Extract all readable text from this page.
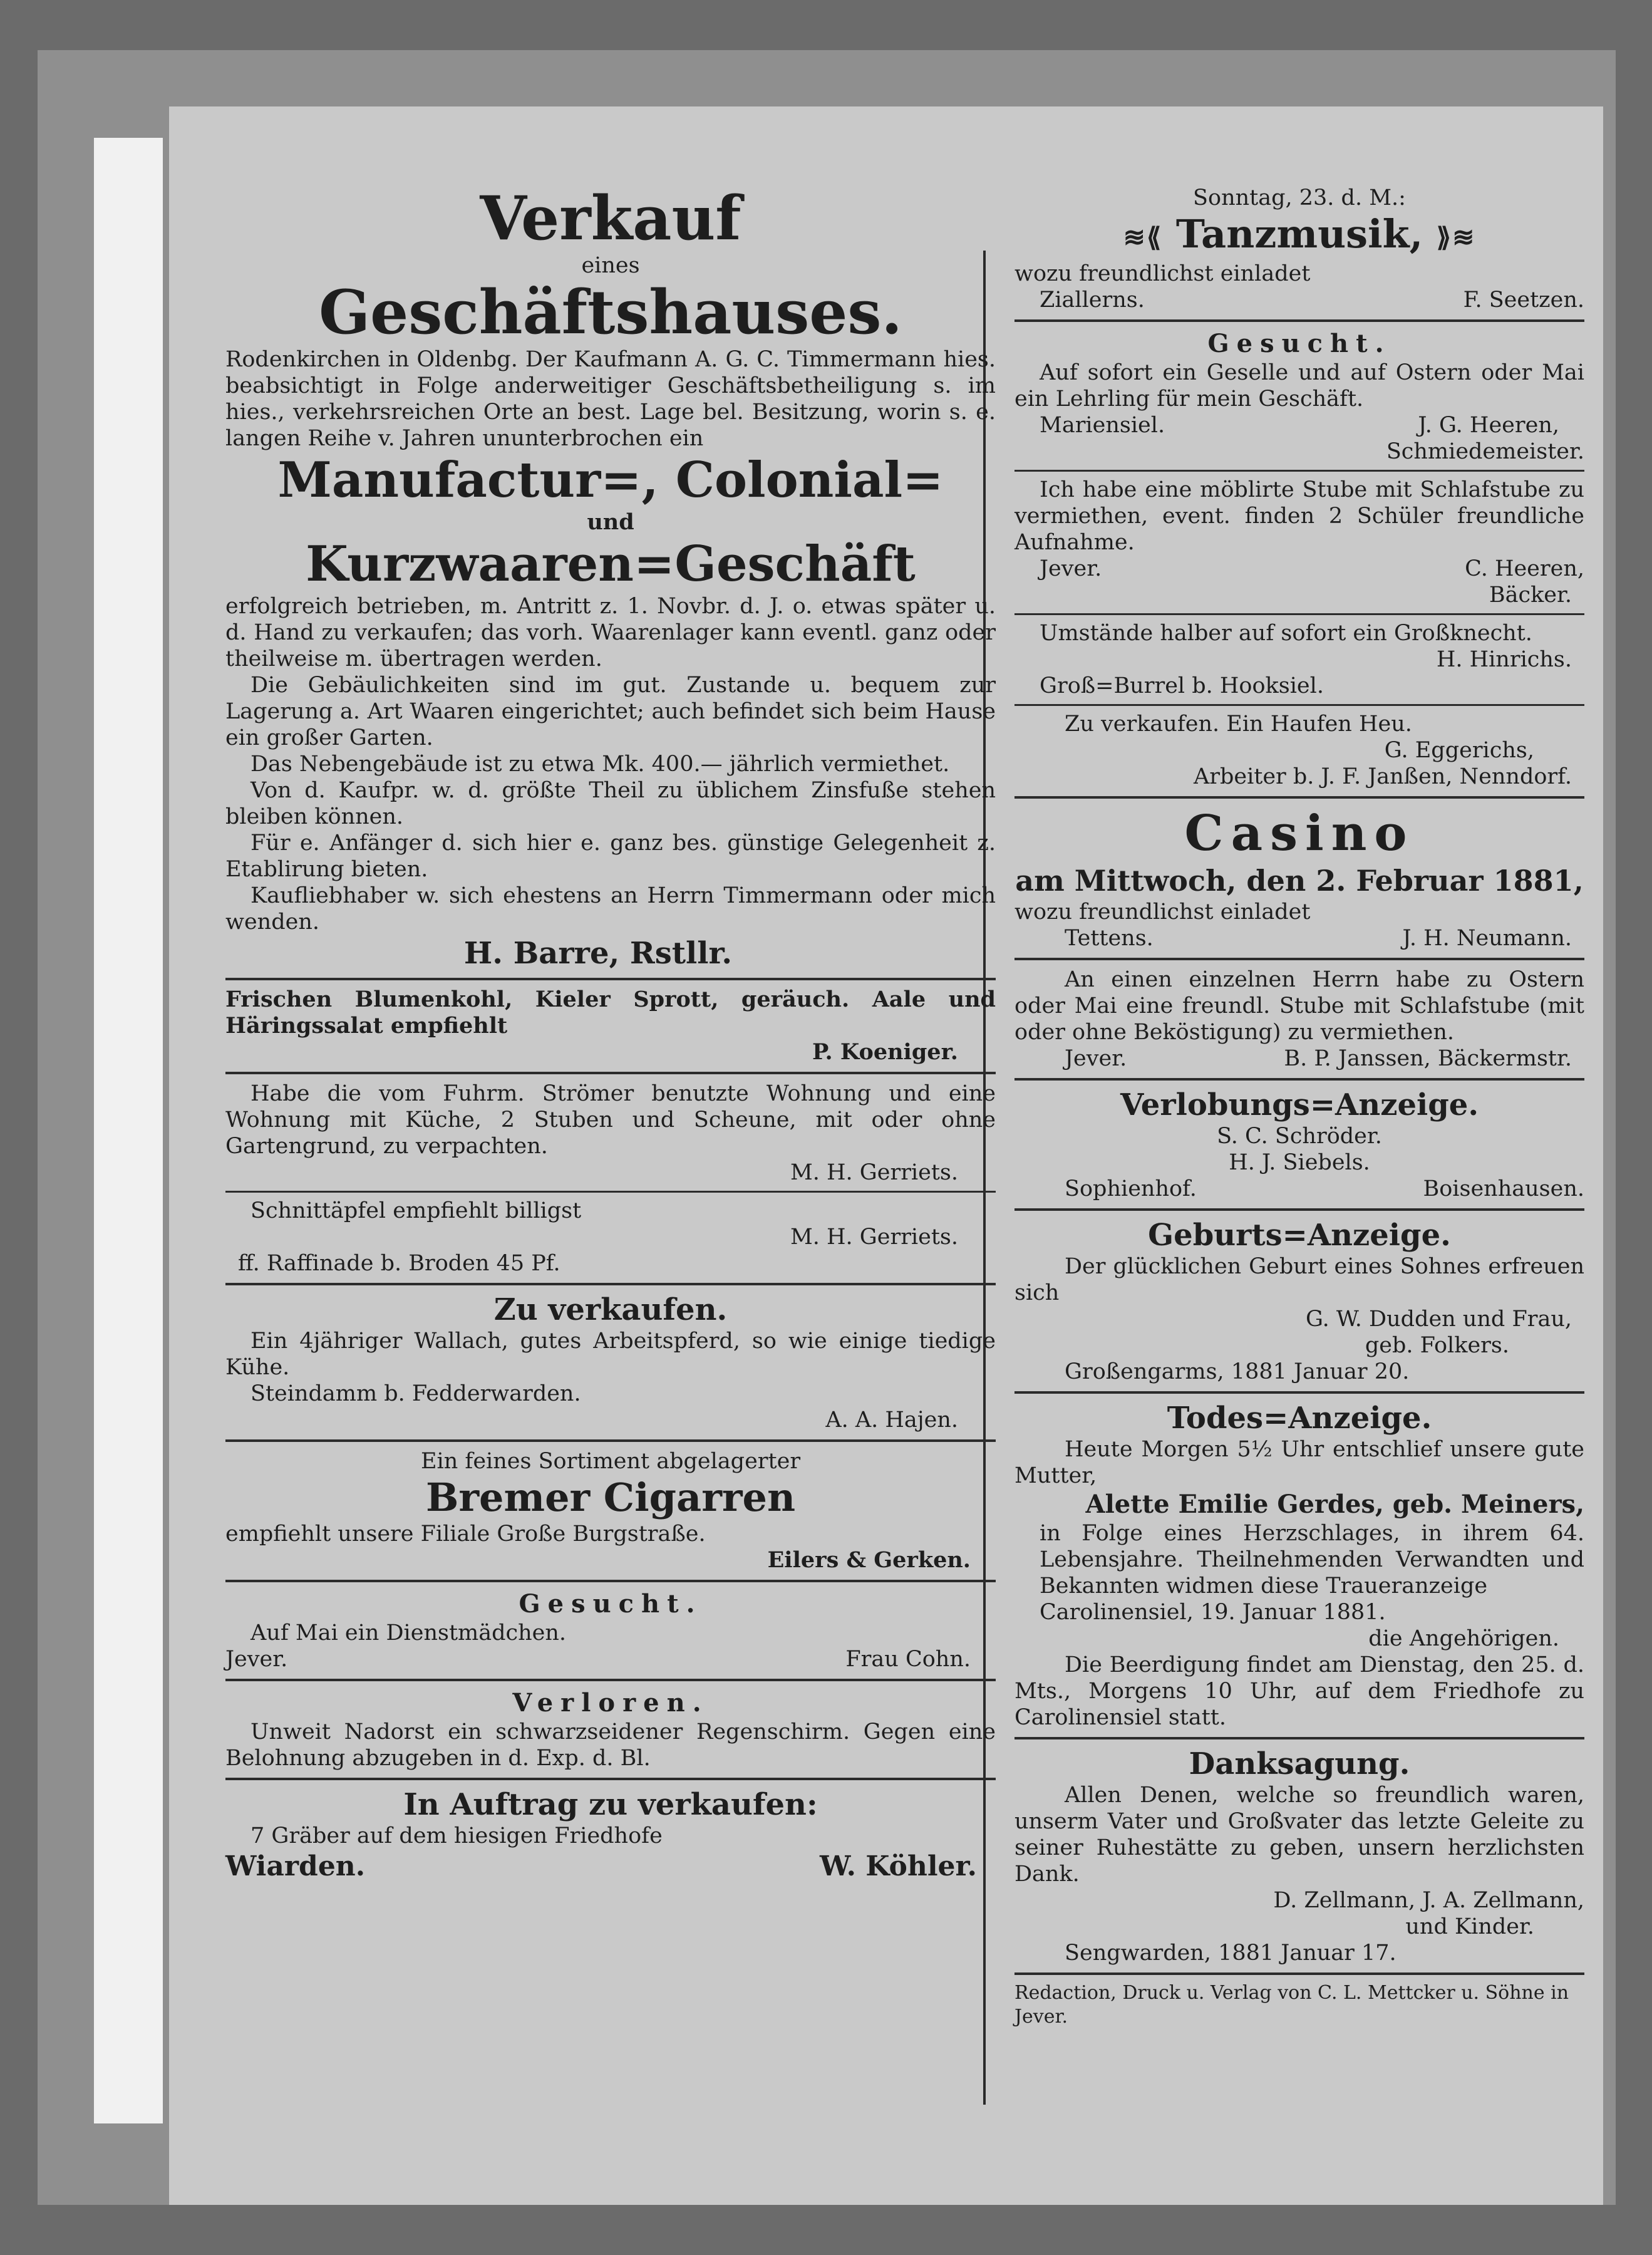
Verkauf
eines
Geschäftshauses.
Rodenkirchen in Oldenbg. Der Kaufmann A. G. C. Timmermann hies. beabsichtigt in Folge anderweitiger Geschäftsbetheiligung s. im hies., verkehrsreichen Orte an best. Lage bel. Besitzung, worin s. e. langen Reihe v. Jahren ununterbrochen ein
Manufactur=, Colonial=
und
Kurzwaaren=Geschäft
erfolgreich betrieben, m. Antritt z. 1. Novbr. d. J. o. etwas später u. d. Hand zu verkaufen; das vorh. Waarenlager kann eventl. ganz oder theilweise m. übertragen werden.
Die Gebäulichkeiten sind im gut. Zustande u. bequem zur Lagerung a. Art Waaren eingerichtet; auch befindet sich beim Hause ein großer Garten.
Das Nebengebäude ist zu etwa Mk. 400.— jährlich vermiethet.
Von d. Kaufpr. w. d. größte Theil zu üblichem Zinsfuße stehen bleiben können.
Für e. Anfänger d. sich hier e. ganz bes. günstige Gelegenheit z. Etablirung bieten.
Kaufliebhaber w. sich ehestens an Herrn Timmermann oder mich wenden.
H. Barre, Rstllr.
Frischen Blumenkohl, Kieler Sprott, geräuch. Aale und Häringssalat empfiehlt
P. Koeniger.
Habe die vom Fuhrm. Strömer benutzte Wohnung und eine Wohnung mit Küche, 2 Stuben und Scheune, mit oder ohne Gartengrund, zu verpachten.
M. H. Gerriets.
Schnittäpfel empfiehlt billigst
M. H. Gerriets.
ff. Raffinade b. Broden 45 Pf.
Zu verkaufen.
Ein 4jähriger Wallach, gutes Arbeitspferd, so wie einige tiedige Kühe.
Steindamm b. Fedderwarden.
A. A. Hajen.
Ein feines Sortiment abgelagerter
Bremer Cigarren
empfiehlt unsere Filiale Große Burgstraße.
Eilers & Gerken.
Gesucht.
Auf Mai ein Dienstmädchen.
Jever.	Frau Cohn.
Verloren.
Unweit Nadorst ein schwarzseidener Regenschirm. Gegen eine Belohnung abzugeben in d. Exp. d. Bl.
In Auftrag zu verkaufen:
7 Gräber auf dem hiesigen Friedhofe
Wiarden.	W. Köhler.
Sonntag, 23. d. M.:
≋⟪ Tanzmusik, ⟫≋
wozu freundlichst einladet
Ziallerns.	F. Seetzen.
Gesucht.
Auf sofort ein Geselle und auf Ostern oder Mai ein Lehrling für mein Geschäft.
Mariensiel.	J. G. Heeren,
Schmiedemeister.
Ich habe eine möblirte Stube mit Schlafstube zu vermiethen, event. finden 2 Schüler freundliche Aufnahme.
Jever.	C. Heeren,
Bäcker.
Umstände halber auf sofort ein Großknecht.
H. Hinrichs.
Groß=Burrel b. Hooksiel.
Zu verkaufen. Ein Haufen Heu.
G. Eggerichs,
Arbeiter b. J. F. Janßen, Nenndorf.
Casino
am Mittwoch, den 2. Februar 1881,
wozu freundlichst einladet
Tettens.	J. H. Neumann.
An einen einzelnen Herrn habe zu Ostern oder Mai eine freundl. Stube mit Schlafstube (mit oder ohne Beköstigung) zu vermiethen.
Jever.	B. P. Janssen, Bäckermstr.
Verlobungs=Anzeige.
S. C. Schröder.
H. J. Siebels.
Sophienhof.	Boisenhausen.
Geburts=Anzeige.
Der glücklichen Geburt eines Sohnes erfreuen sich
G. W. Dudden und Frau,
geb. Folkers.
Großengarms, 1881 Januar 20.
Todes=Anzeige.
Heute Morgen 5½ Uhr entschlief unsere gute Mutter,
Alette Emilie Gerdes, geb. Meiners,
in Folge eines Herzschlages, in ihrem 64. Lebensjahre. Theilnehmenden Verwandten und Bekannten widmen diese Traueranzeige
Carolinensiel, 19. Januar 1881.
die Angehörigen.
Die Beerdigung findet am Dienstag, den 25. d. Mts., Morgens 10 Uhr, auf dem Friedhofe zu Carolinensiel statt.
Danksagung.
Allen Denen, welche so freundlich waren, unserm Vater und Großvater das letzte Geleite zu seiner Ruhestätte zu geben, unsern herzlichsten Dank.
D. Zellmann, J. A. Zellmann,
und Kinder.
Sengwarden, 1881 Januar 17.
Redaction, Druck u. Verlag von C. L. Mettcker u. Söhne in Jever.
